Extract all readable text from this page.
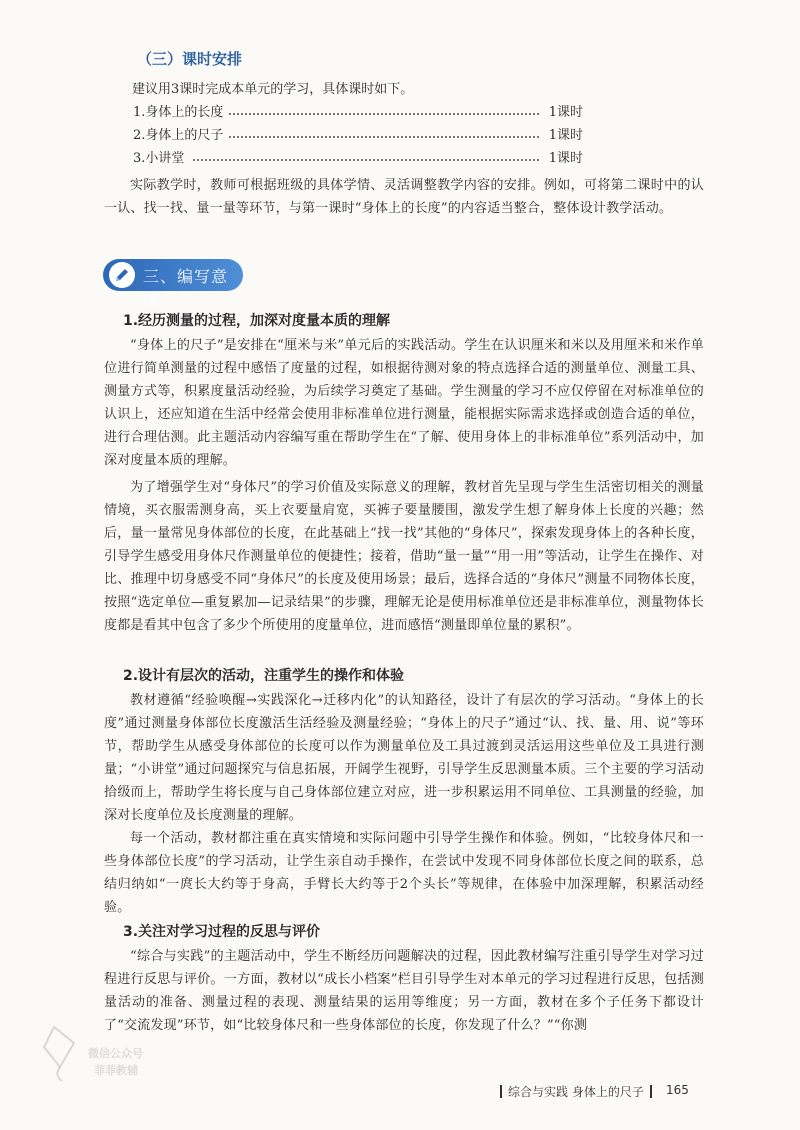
（三）课时安排
建议用3课时完成本单元的学习，具体课时如下。
1.身体上的长度	1课时
2.身体上的尺子	1课时
3.小讲堂	1课时
实际教学时，教师可根据班级的具体学情、灵活调整教学内容的安排。例如，可将第二课时中的认一认、找一找、量一量等环节，与第一课时“身体上的长度”的内容适当整合，整体设计教学活动。
三、编写意图
1.经历测量的过程，加深对度量本质的理解
“身体上的尺子”是安排在“厘米与米”单元后的实践活动。学生在认识厘米和米以及用厘米和米作单位进行简单测量的过程中感悟了度量的过程，如根据待测对象的特点选择合适的测量单位、测量工具、测量方式等，积累度量活动经验，为后续学习奠定了基础。学生测量的学习不应仅停留在对标准单位的认识上，还应知道在生活中经常会使用非标准单位进行测量，能根据实际需求选择或创造合适的单位，进行合理估测。此主题活动内容编写重在帮助学生在“了解、使用身体上的非标准单位”系列活动中，加深对度量本质的理解。
为了增强学生对“身体尺”的学习价值及实际意义的理解，教材首先呈现与学生生活密切相关的测量情境，买衣服需测身高，买上衣要量肩宽，买裤子要量腰围，激发学生想了解身体上长度的兴趣；然后，量一量常见身体部位的长度，在此基础上“找一找”其他的“身体尺”，探索发现身体上的各种长度，引导学生感受用身体尺作测量单位的便捷性；接着，借助“量一量”“用一用”等活动，让学生在操作、对比、推理中切身感受不同“身体尺”的长度及使用场景；最后，选择合适的“身体尺”测量不同物体长度，按照“选定单位—重复累加—记录结果”的步骤，理解无论是使用标准单位还是非标准单位，测量物体长度都是看其中包含了多少个所使用的度量单位，进而感悟“测量即单位量的累积”。
2.设计有层次的活动，注重学生的操作和体验
教材遵循“经验唤醒→实践深化→迁移内化”的认知路径，设计了有层次的学习活动。“身体上的长度”通过测量身体部位长度激活生活经验及测量经验；“身体上的尺子”通过“认、找、量、用、说”等环节，帮助学生从感受身体部位的长度可以作为测量单位及工具过渡到灵活运用这些单位及工具进行测量；“小讲堂”通过问题探究与信息拓展，开阔学生视野，引导学生反思测量本质。三个主要的学习活动拾级而上，帮助学生将长度与自己身体部位建立对应，进一步积累运用不同单位、工具测量的经验，加深对长度单位及长度测量的理解。
每一个活动，教材都注重在真实情境和实际问题中引导学生操作和体验。例如，“比较身体尺和一些身体部位长度”的学习活动，让学生亲自动手操作，在尝试中发现不同身体部位长度之间的联系，总结归纳如“一庹长大约等于身高，手臂长大约等于2个头长”等规律，在体验中加深理解，积累活动经验。
3.关注对学习过程的反思与评价
“综合与实践”的主题活动中，学生不断经历问题解决的过程，因此教材编写注重引导学生对学习过程进行反思与评价。一方面，教材以“成长小档案”栏目引导学生对本单元的学习过程进行反思，包括测量活动的准备、测量过程的表现、测量结果的运用等维度；另一方面，教材在多个子任务下都设计了“交流发现”环节，如“比较身体尺和一些身体部位的长度，你发现了什么？”“你测
微信公众号
菲菲教辅
综合与实践 身体上的尺子 165
